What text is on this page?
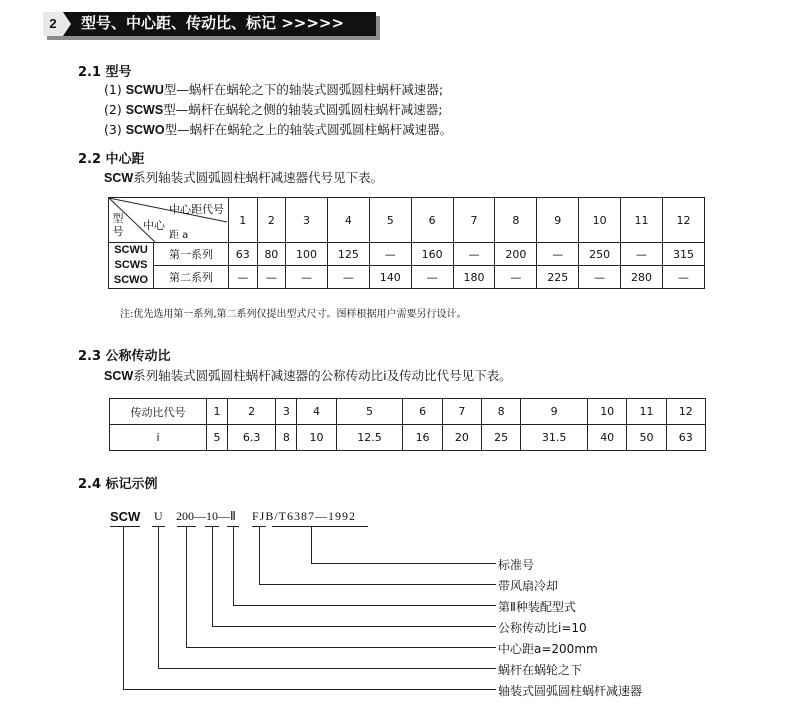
2	型号、中心距、传动比、标记 >>>>>
2.1 型号
(1) SCWU型—蜗杆在蜗轮之下的轴装式圆弧圆柱蜗杆减速器;
(2) SCWS型—蜗杆在蜗轮之侧的轴装式圆弧圆柱蜗杆减速器;
(3) SCWO型—蜗杆在蜗轮之上的轴装式圆弧圆柱蜗杆减速器。
2.2 中心距
SCW系列轴装式圆弧圆柱蜗杆减速器代号见下表。
中心距代号
中心
距 a
型号		1	2	3	4	5	6	7	8	9	10	11	12

SCWU
SCWS
SCWO	第一系列	63	80	100	125	—	160	—	200	—	250	—	315
	第二系列	—	—	—	—	140	—	180	—	225	—	280	—
注:优先选用第一系列,第二系列仅提出型式尺寸。图样根据用户需要另行设计。
2.3 公称传动比
SCW系列轴装式圆弧圆柱蜗杆减速器的公称传动比i及传动比代号见下表。
传动比代号	1	2	3	4	5	6	7	8	9	10	11	12
i	5	6.3	8	10	12.5	16	20	25	31.5	40	50	63
2.4 标记示例
SCW U 200—10—Ⅱ FJB/T6387—1992
标准号
带风扇冷却
第Ⅱ种装配型式
公称传动比i=10
中心距a=200mm
蜗杆在蜗轮之下
轴装式圆弧圆柱蜗杆减速器
